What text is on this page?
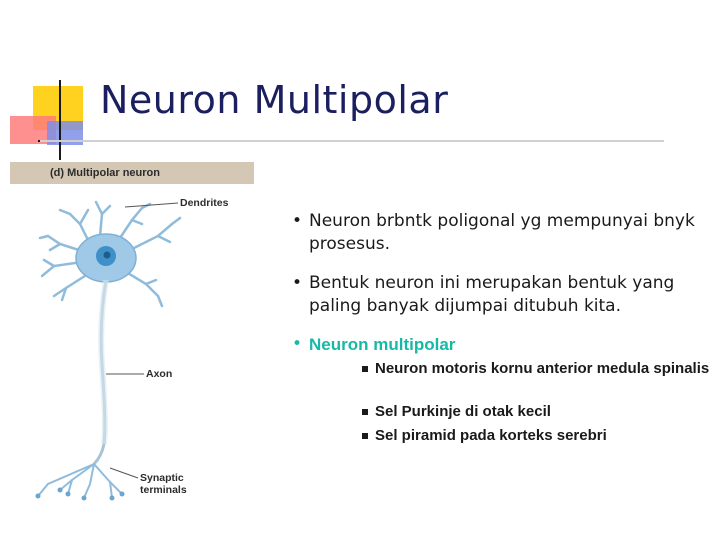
Neuron Multipolar
(d) Multipolar neuron
Dendrites
Axon
Synaptic terminals
• Neuron brbntk poligonal yg mempunyai bnyk prosesus.
• Bentuk neuron ini merupakan bentuk yang paling banyak dijumpai ditubuh kita.
• Neuron multipolar
Neuron motoris kornu anterior medula spinalis
Sel Purkinje di otak kecil
Sel piramid pada korteks serebri
